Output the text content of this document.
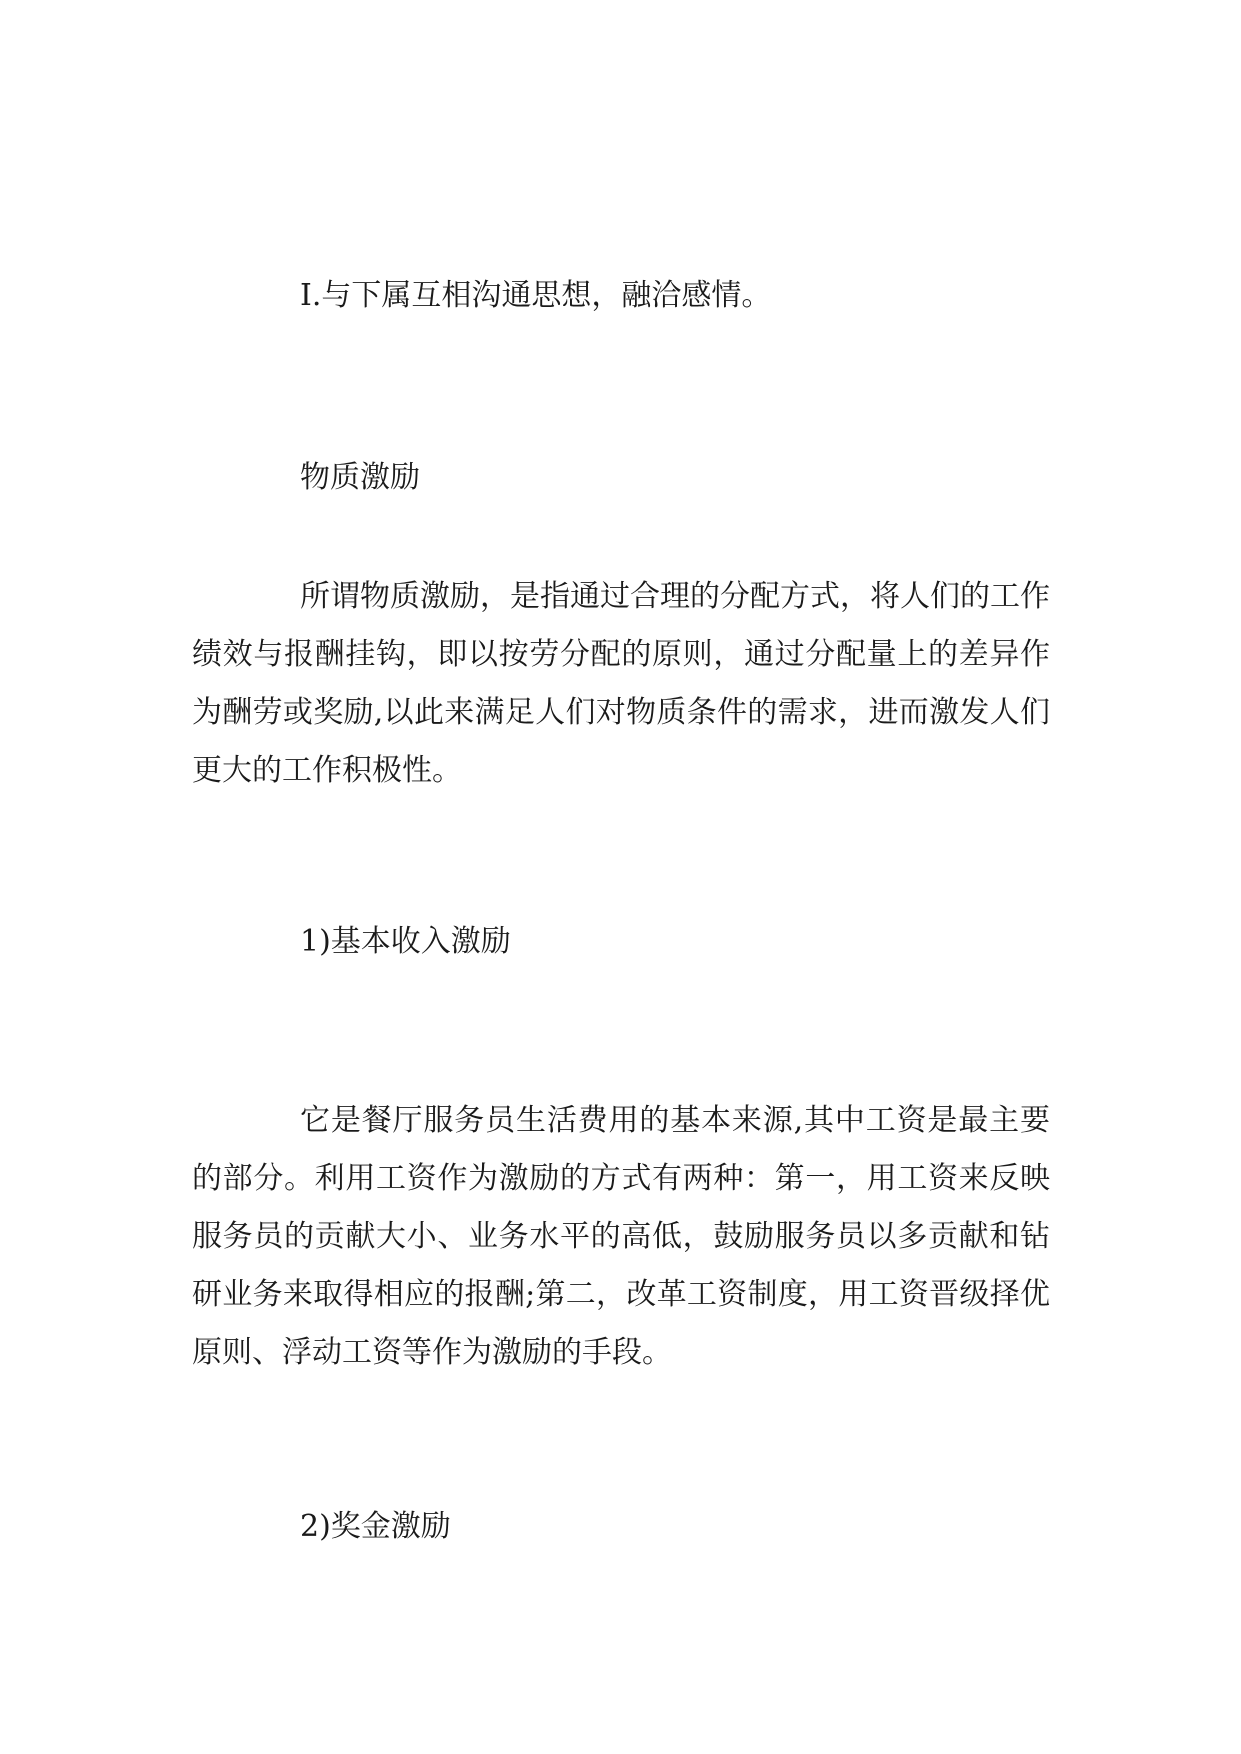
I.与下属互相沟通思想，融洽感情。

物质激励

所谓物质激励，是指通过合理的分配方式，将人们的工作绩效与报酬挂钩，即以按劳分配的原则，通过分配量上的差异作为酬劳或奖励,以此来满足人们对物质条件的需求，进而激发人们更大的工作积极性。

1)基本收入激励

它是餐厅服务员生活费用的基本来源,其中工资是最主要的部分。利用工资作为激励的方式有两种：第一，用工资来反映服务员的贡献大小、业务水平的高低，鼓励服务员以多贡献和钻研业务来取得相应的报酬;第二，改革工资制度，用工资晋级择优原则、浮动工资等作为激励的手段。

2)奖金激励
